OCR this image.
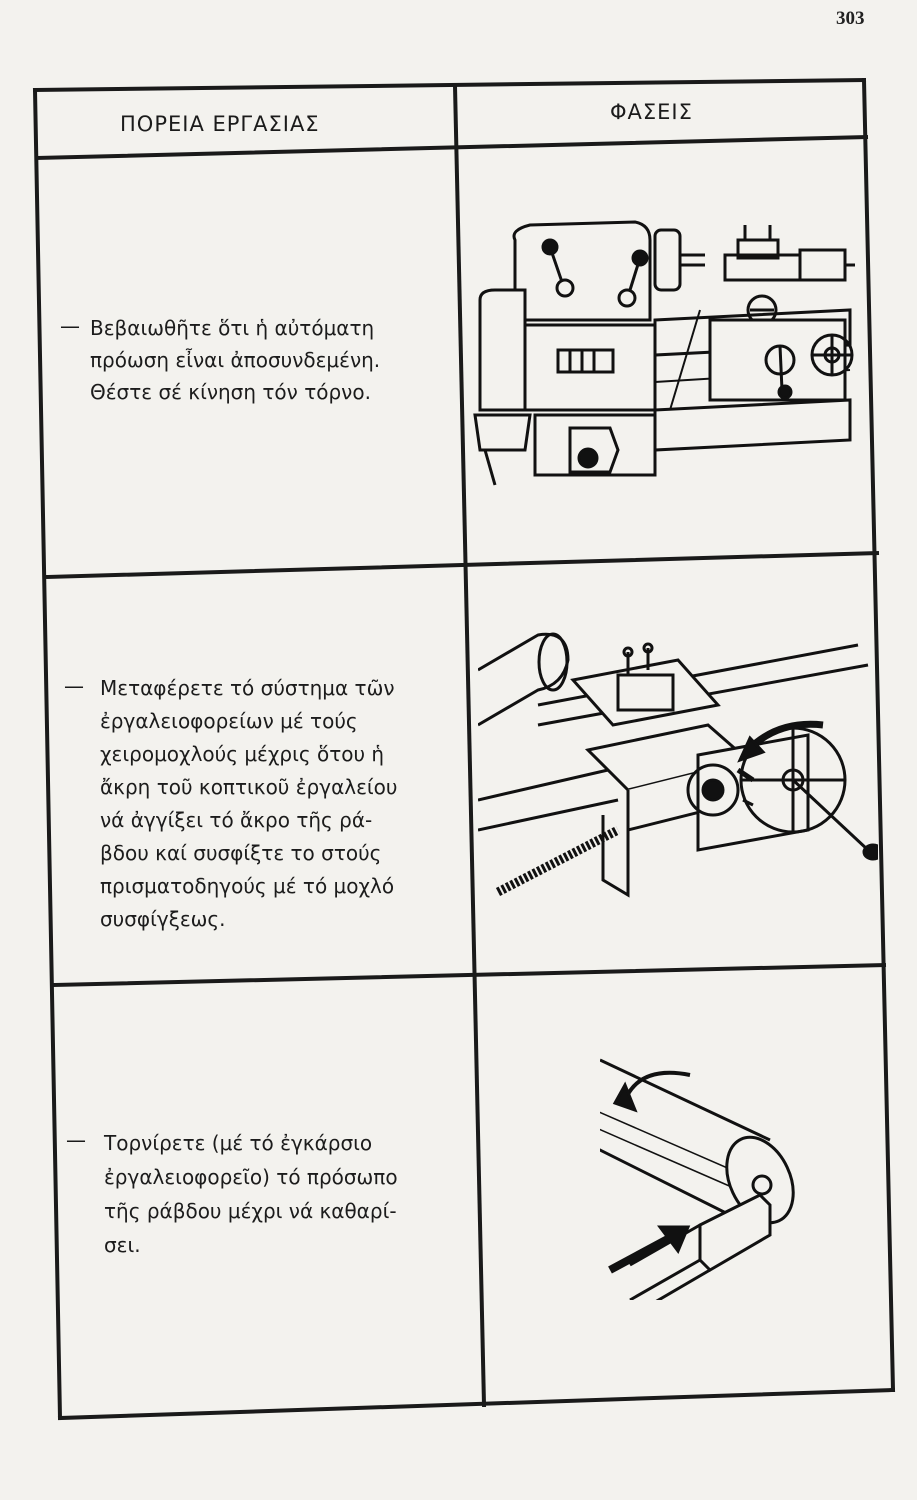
303
ΠΟΡΕΙΑ ΕΡΓΑΣΙΑΣ	ΦΑΣΕΙΣ
— Βεβαιωθῆτε ὅτι ἡ αὐτόματη
πρόωση εἶναι ἀποσυνδεμένη.
Θέστε σέ κίνηση τόν τόρνο.
— Μεταφέρετε τό σύστημα τῶν
ἐργαλειοφορείων μέ τούς
χειρομοχλούς μέχρις ὅτου ἡ
ἄκρη τοῦ κοπτικοῦ ἐργαλείου
νά ἀγγίξει τό ἄκρο τῆς ρά-
βδου καί συσφίξτε το στούς
πρισματοδηγούς μέ τό μοχλό
συσφίγξεως.
— Τορνίρετε (μέ τό ἐγκάρσιο
ἐργαλειοφορεῖο) τό πρόσωπο
τῆς ράβδου μέχρι νά καθαρί-
σει.
